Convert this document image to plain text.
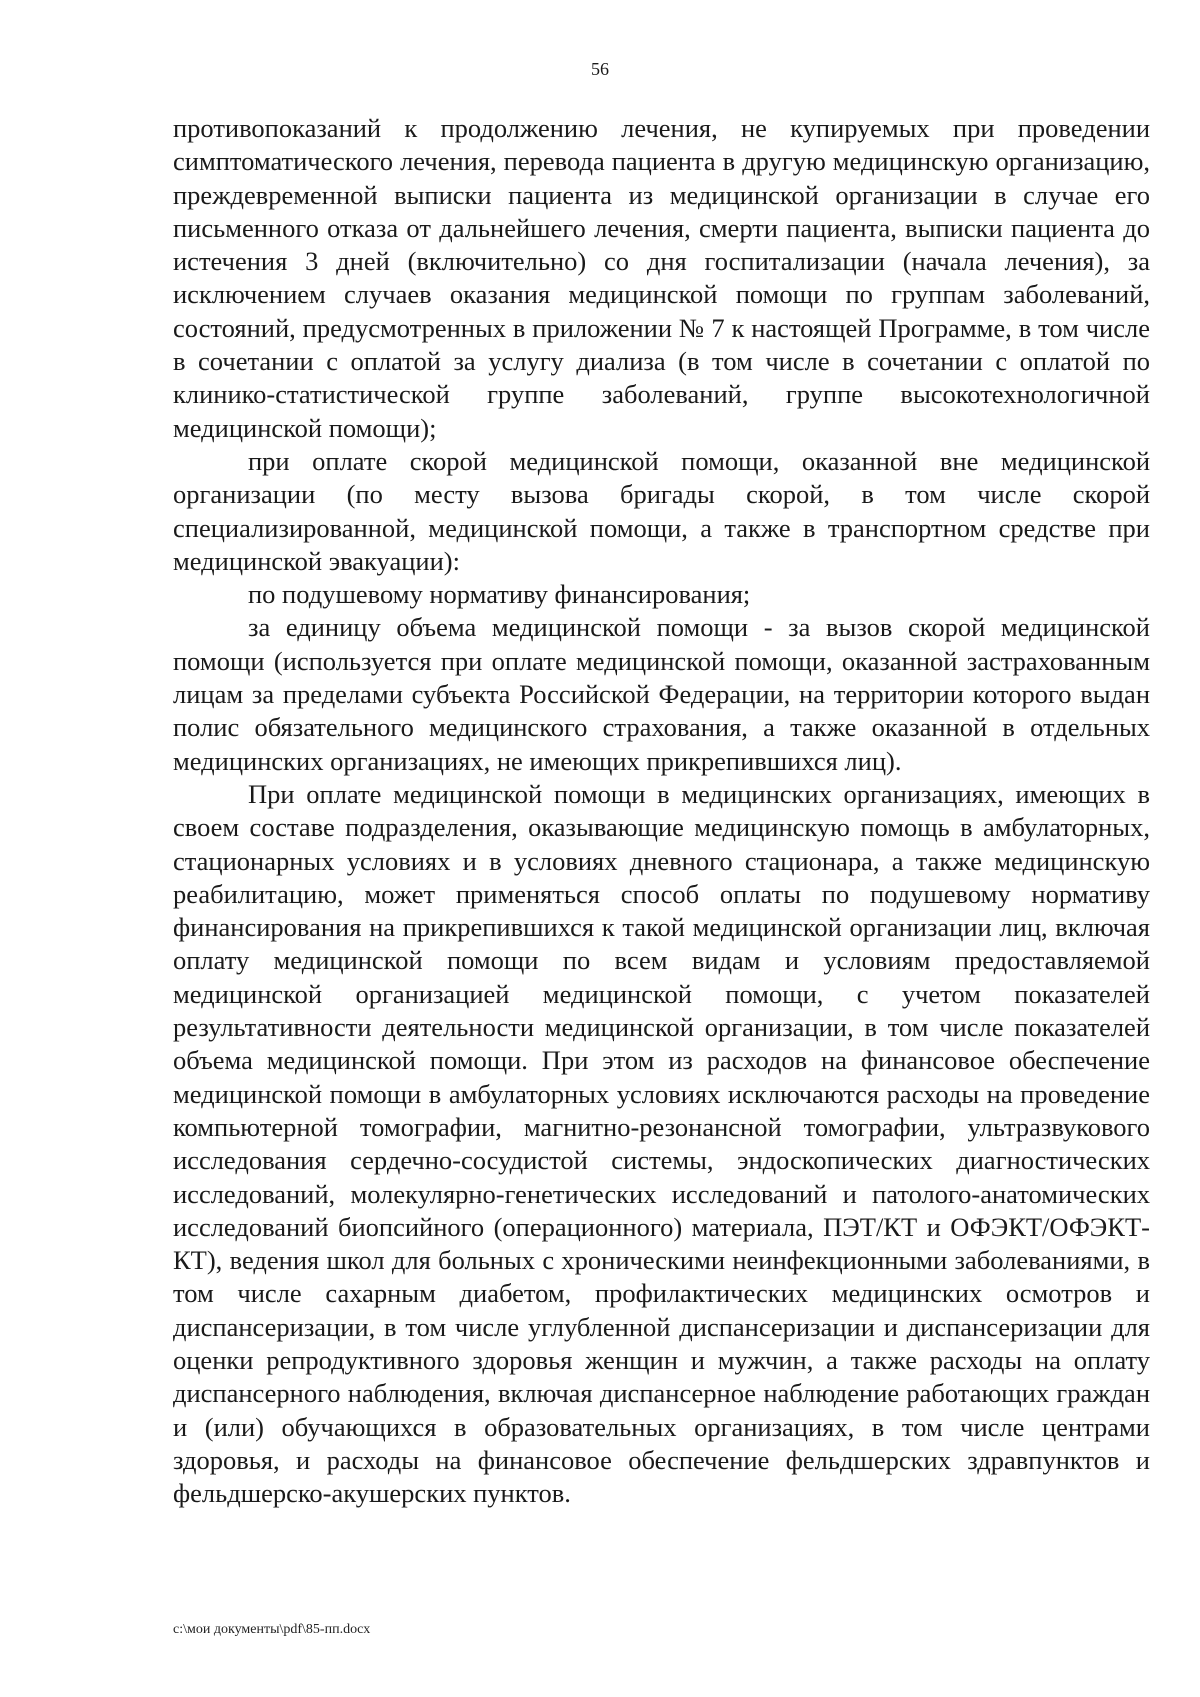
56

противопоказаний к продолжению лечения, не купируемых при проведении симптоматического лечения, перевода пациента в другую медицинскую организацию, преждевременной выписки пациента из медицинской организации в случае его письменного отказа от дальнейшего лечения, смерти пациента, выписки пациента до истечения 3 дней (включительно) со дня госпитализации (начала лечения), за исключением случаев оказания медицинской помощи по группам заболеваний, состояний, предусмотренных в приложении № 7 к настоящей Программе, в том числе в сочетании с оплатой за услугу диализа (в том числе в сочетании с оплатой по клинико-статистической группе заболеваний, группе высокотехнологичной медицинской помощи);

при оплате скорой медицинской помощи, оказанной вне медицинской организации (по месту вызова бригады скорой, в том числе скорой специализированной, медицинской помощи, а также в транспортном средстве при медицинской эвакуации):

по подушевому нормативу финансирования;

за единицу объема медицинской помощи - за вызов скорой медицинской помощи (используется при оплате медицинской помощи, оказанной застрахованным лицам за пределами субъекта Российской Федерации, на территории которого выдан полис обязательного медицинского страхования, а также оказанной в отдельных медицинских организациях, не имеющих прикрепившихся лиц).

При оплате медицинской помощи в медицинских организациях, имеющих в своем составе подразделения, оказывающие медицинскую помощь в амбулаторных, стационарных условиях и в условиях дневного стационара, а также медицинскую реабилитацию, может применяться способ оплаты по подушевому нормативу финансирования на прикрепившихся к такой медицинской организации лиц, включая оплату медицинской помощи по всем видам и условиям предоставляемой медицинской организацией медицинской помощи, с учетом показателей результативности деятельности медицинской организации, в том числе показателей объема медицинской помощи. При этом из расходов на финансовое обеспечение медицинской помощи в амбулаторных условиях исключаются расходы на проведение компьютерной томографии, магнитно-резонансной томографии, ультразвукового исследования сердечно-сосудистой системы, эндоскопических диагностических исследований, молекулярно-генетических исследований и патолого-анатомических исследований биопсийного (операционного) материала, ПЭТ/КТ и ОФЭКТ/ОФЭКТ-КТ), ведения школ для больных с хроническими неинфекционными заболеваниями, в том числе сахарным диабетом, профилактических медицинских осмотров и диспансеризации, в том числе углубленной диспансеризации и диспансеризации для оценки репродуктивного здоровья женщин и мужчин, а также расходы на оплату диспансерного наблюдения, включая диспансерное наблюдение работающих граждан и (или) обучающихся в образовательных организациях, в том числе центрами здоровья, и расходы на финансовое обеспечение фельдшерских здравпунктов и фельдшерско-акушерских пунктов.

c:\мои документы\pdf\85-пп.docx
